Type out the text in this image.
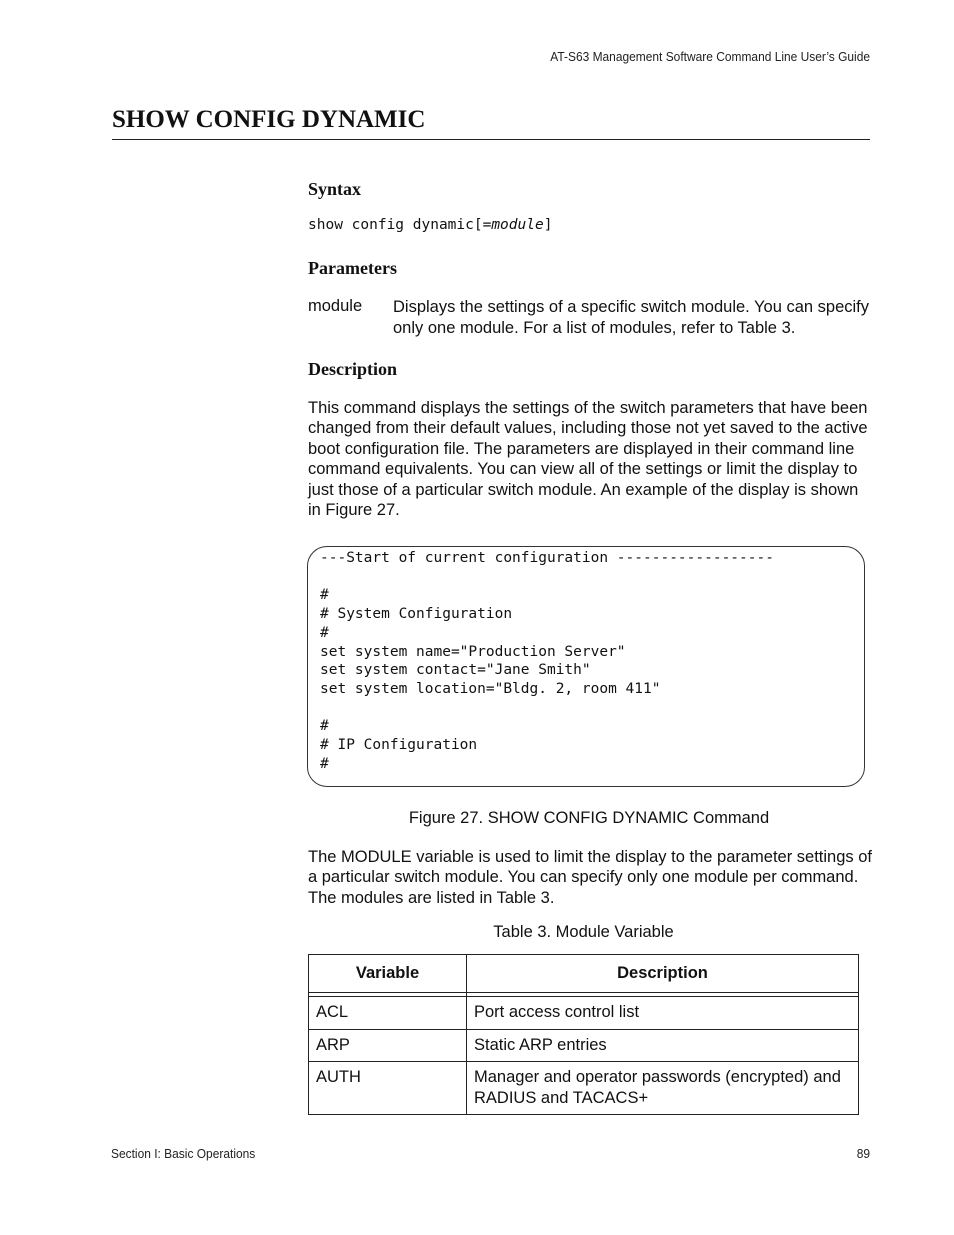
AT-S63 Management Software Command Line User’s Guide
SHOW CONFIG DYNAMIC
Syntax
show config dynamic[=module]
Parameters
module Displays the settings of a specific switch module. You can specify only one module. For a list of modules, refer to Table 3.
Description
This command displays the settings of the switch parameters that have been changed from their default values, including those not yet saved to the active boot configuration file. The parameters are displayed in their command line command equivalents. You can view all of the settings or limit the display to just those of a particular switch module. An example of the display is shown in Figure 27.
---Start of current configuration ------------------

#
# System Configuration
#
set system name="Production Server"
set system contact="Jane Smith"
set system location="Bldg. 2, room 411"

#
# IP Configuration
#
Figure 27. SHOW CONFIG DYNAMIC Command
The MODULE variable is used to limit the display to the parameter settings of a particular switch module. You can specify only one module per command. The modules are listed in Table 3.
Table 3. Module Variable
Variable	Description

ACL	Port access control list
ARP	Static ARP entries
AUTH	Manager and operator passwords (encrypted) and RADIUS and TACACS+
Section I: Basic Operations	89
